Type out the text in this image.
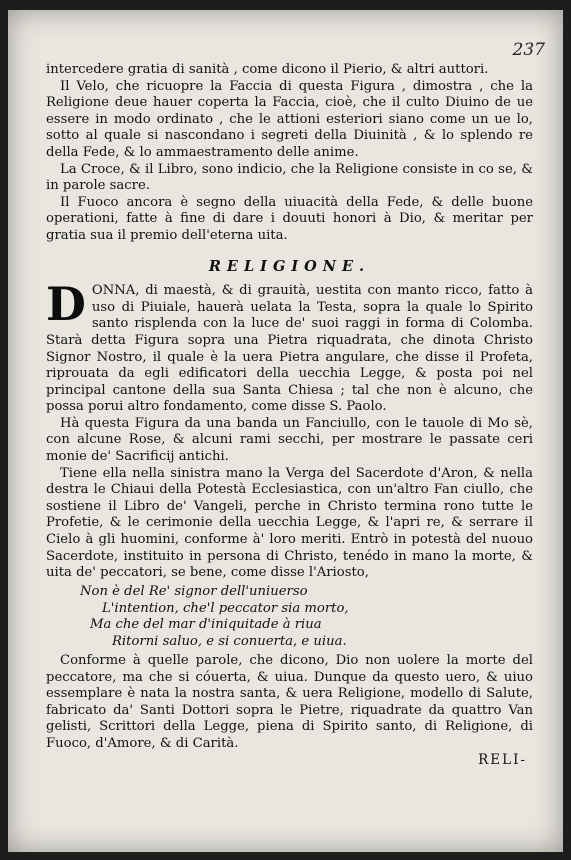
237

intercedere gratia di sanità , come dicono il Pierio, & altri auttori.

Il Velo, che ricuopre la Faccia di questa Figura , dimostra , che la Religione deue hauer coperta la Faccia, cioè, che il culto Diuino de ue essere in modo ordinato , che le attioni esteriori siano come un ue lo, sotto al quale si nascondano i segreti della Diuinità , & lo splendo re della Fede, & lo ammaestramento delle anime.

La Croce, & il Libro, sono indicio, che la Religione consiste in co se, & in parole sacre.

Il Fuoco ancora è segno della uiuacità della Fede, & delle buone operationi, fatte à fine di dare i douuti honori à Dio, & meritar per gratia sua il premio dell'eterna uita.

RELIGIONE.

DONNA, di maestà, & di grauità, uestita con manto ricco, fatto à uso di Piuiale, hauerà uelata la Testa, sopra la quale lo Spirito santo risplenda con la luce de' suoi raggi in forma di Colomba. Starà detta Figura sopra una Pietra riquadrata, che dinota Christo Signor Nostro, il quale è la uera Pietra angulare, che disse il Profeta, riprouata da egli edificatori della uecchia Legge, & posta poi nel principal cantone della sua Santa Chiesa ; tal che non è alcuno, che possa porui altro fondamento, come disse S. Paolo.

Hà questa Figura da una banda un Fanciullo, con le tauole di Mo sè, con alcune Rose, & alcuni rami secchi, per mostrare le passate ceri monie de' Sacrificij antichi.

Tiene ella nella sinistra mano la Verga del Sacerdote d'Aron, & nella destra le Chiaui della Potestà Ecclesiastica, con un'altro Fan ciullo, che sostiene il Libro de' Vangeli, perche in Christo termina rono tutte le Profetie, & le cerimonie della uecchia Legge, & l'apri re, & serrare il Cielo à gli huomini, conforme à' loro meriti. Entrò in potestà del nuouo Sacerdote, instituito in persona di Christo, tenédo in mano la morte, & uita de' peccatori, se bene, come disse l'Ariosto,

Non è del Re' signor dell'uniuerso
L'intention, che'l peccator sia morto,
Ma che del mar d'iniquitade à riua
Ritorni saluo, e si conuerta, e uiua.

Conforme à quelle parole, che dicono, Dio non uolere la morte del peccatore, ma che si cóuerta, & uiua. Dunque da questo uero, & uiuo essemplare è nata la nostra santa, & uera Religione, modello di Salute, fabricato da' Santi Dottori sopra le Pietre, riquadrate da quattro Van gelisti, Scrittori della Legge, piena di Spirito santo, di Religione, di Fuoco, d'Amore, & di Carità.

RELI-
